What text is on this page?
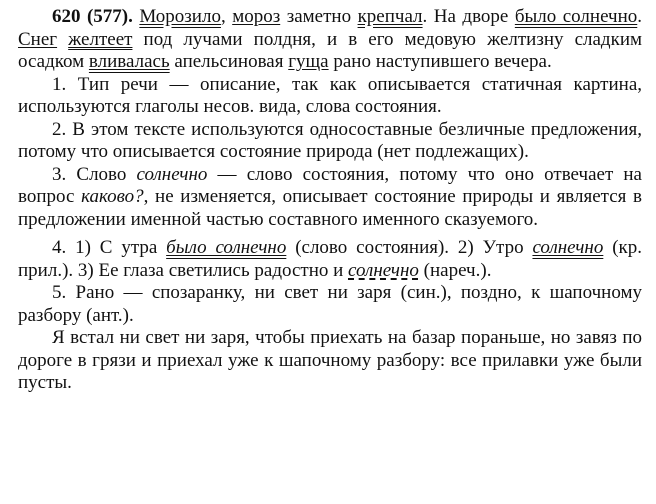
620 (577). Морозило, мороз заметно крепчал. На дворе было солнечно. Снег желтеет под лучами полдня, и в его медовую желтизну сладким осадком вливалась апельсиновая гуща рано наступившего вечера.

1. Тип речи — описание, так как описывается статичная картина, используются глаголы несов. вида, слова состояния.

2. В этом тексте используются односоставные безличные предложения, потому что описывается состояние природа (нет подлежащих).

3. Слово солнечно — слово состояния, потому что оно отвечает на вопрос каково?, не изменяется, описывает состояние природы и является в предложении именной частью составного именного сказуемого.

4. 1) С утра было солнечно (слово состояния). 2) Утро солнечно (кр. прил.). 3) Ее глаза светились радостно и солнечно (нареч.).

5. Рано — спозаранку, ни свет ни заря (син.), поздно, к шапочному разбору (ант.).

Я встал ни свет ни заря, чтобы приехать на базар пораньше, но завяз по дороге в грязи и приехал уже к шапочному разбору: все прилавки уже были пусты.
